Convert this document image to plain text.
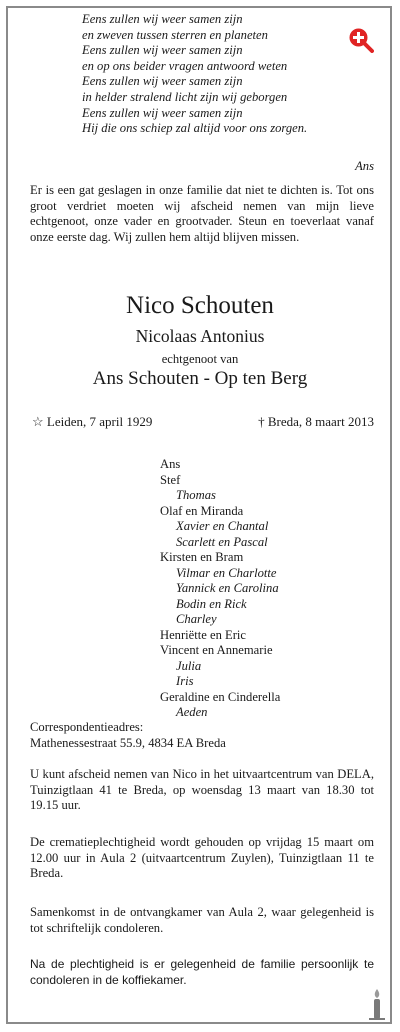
Eens zullen wij weer samen zijn
en zweven tussen sterren en planeten
Eens zullen wij weer samen zijn
en op ons beider vragen antwoord weten
Eens zullen wij weer samen zijn
in helder stralend licht zijn wij geborgen
Eens zullen wij weer samen zijn
Hij die ons schiep zal altijd voor ons zorgen.
Ans
Er is een gat geslagen in onze familie dat niet te dichten is. Tot ons groot verdriet moeten wij afscheid nemen van mijn lieve echtgenoot, onze vader en grootvader. Steun en toeverlaat vanaf onze eerste dag. Wij zullen hem altijd blijven missen.
Nico Schouten
Nicolaas Antonius
echtgenoot van
Ans Schouten - Op ten Berg
☆ Leiden, 7 april 1929	† Breda, 8 maart 2013
Ans
Stef
Thomas
Olaf en Miranda
Xavier en Chantal
Scarlett en Pascal
Kirsten en Bram
Vilmar en Charlotte
Yannick en Carolina
Bodin en Rick
Charley
Henriëtte en Eric
Vincent en Annemarie
Julia
Iris
Geraldine en Cinderella
Aeden
Correspondentieadres:
Mathenessestraat 55.9, 4834 EA Breda
U kunt afscheid nemen van Nico in het uitvaartcentrum van DELA, Tuinzigtlaan 41 te Breda, op woensdag 13 maart van 18.30 tot 19.15 uur.
De crematieplechtigheid wordt gehouden op vrijdag 15 maart om 12.00 uur in Aula 2 (uitvaartcentrum Zuylen), Tuinzigtlaan 11 te Breda.
Samenkomst in de ontvangkamer van Aula 2, waar gelegenheid is tot schriftelijk condoleren.
Na de plechtigheid is er gelegenheid de familie persoonlijk te condoleren in de koffiekamer.
